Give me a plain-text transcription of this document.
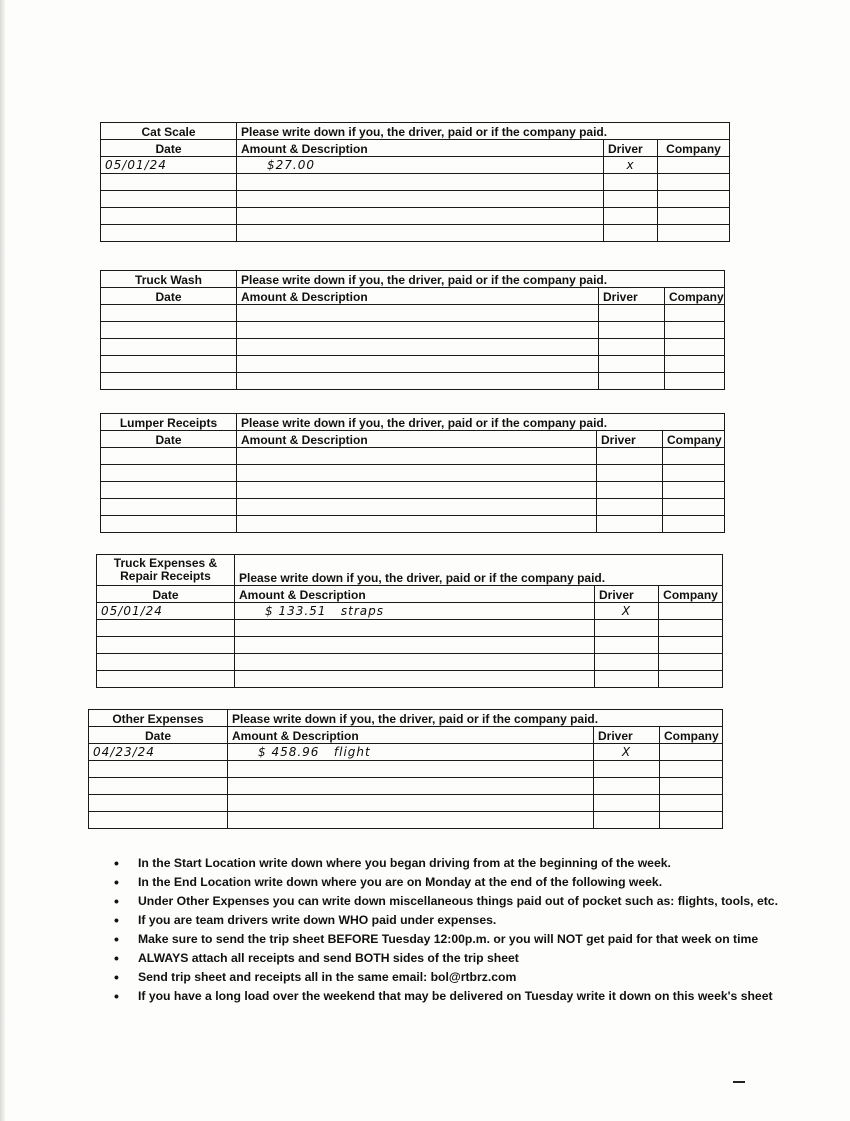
Cat Scale	Please write down if you, the driver, paid or if the company paid.		
Date	Amount & Description	Driver	Company
05/01/24	$27.00	x	

Truck Wash	Please write down if you, the driver, paid or if the company paid.		
Date	Amount & Description	Driver	Company

Lumper Receipts	Please write down if you, the driver, paid or if the company paid.		
Date	Amount & Description	Driver	Company

Truck Expenses & Repair Receipts	Please write down if you, the driver, paid or if the company paid.		
Date	Amount & Description	Driver	Company
05/01/24	$ 133.51   straps	X	

Other Expenses	Please write down if you, the driver, paid or if the company paid.		
Date	Amount & Description	Driver	Company
04/23/24	$ 458.96   flight	X	

• In the Start Location write down where you began driving from at the beginning of the week.
• In the End Location write down where you are on Monday at the end of the following week.
• Under Other Expenses you can write down miscellaneous things paid out of pocket such as: flights, tools, etc.
• If you are team drivers write down WHO paid under expenses.
• Make sure to send the trip sheet BEFORE Tuesday 12:00p.m. or you will NOT get paid for that week on time
• ALWAYS attach all receipts and send BOTH sides of the trip sheet
• Send trip sheet and receipts all in the same email: bol@rtbrz.com
• If you have a long load over the weekend that may be delivered on Tuesday write it down on this week's sheet
